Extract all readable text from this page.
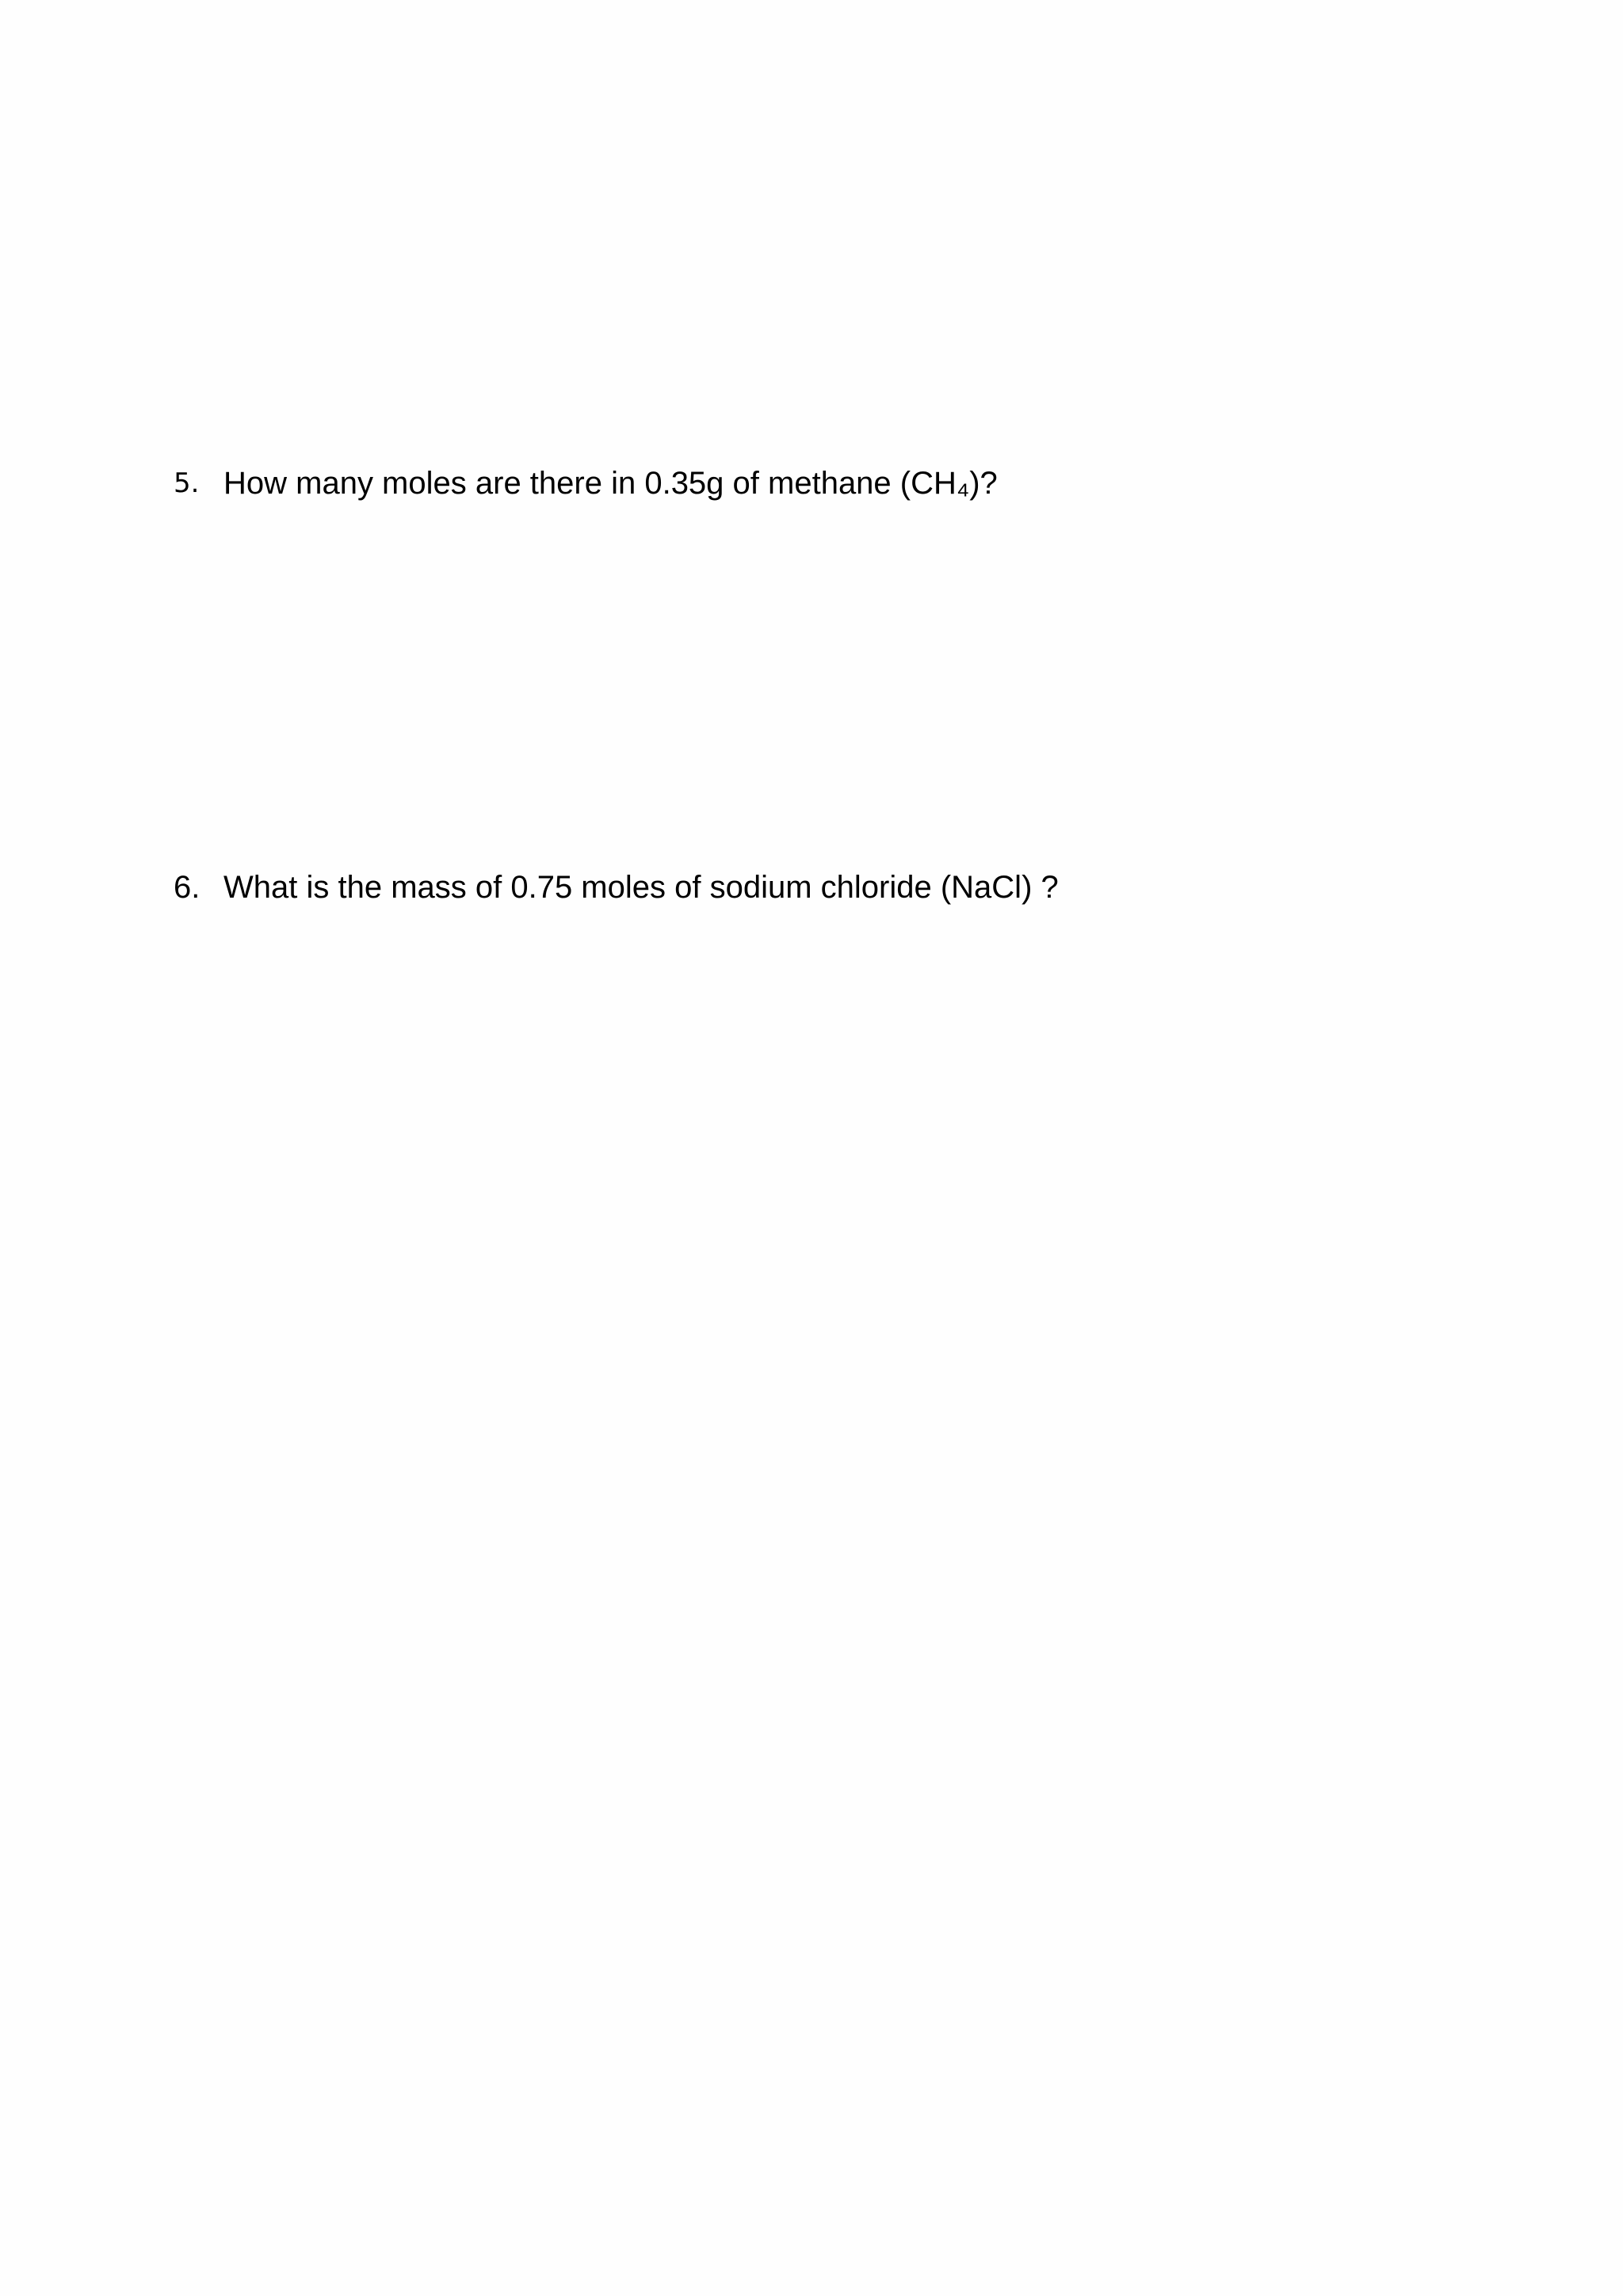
5. How many moles are there in 0.35g of methane (CH₄)?
6. What is the mass of 0.75 moles of sodium chloride (NaCl) ?
